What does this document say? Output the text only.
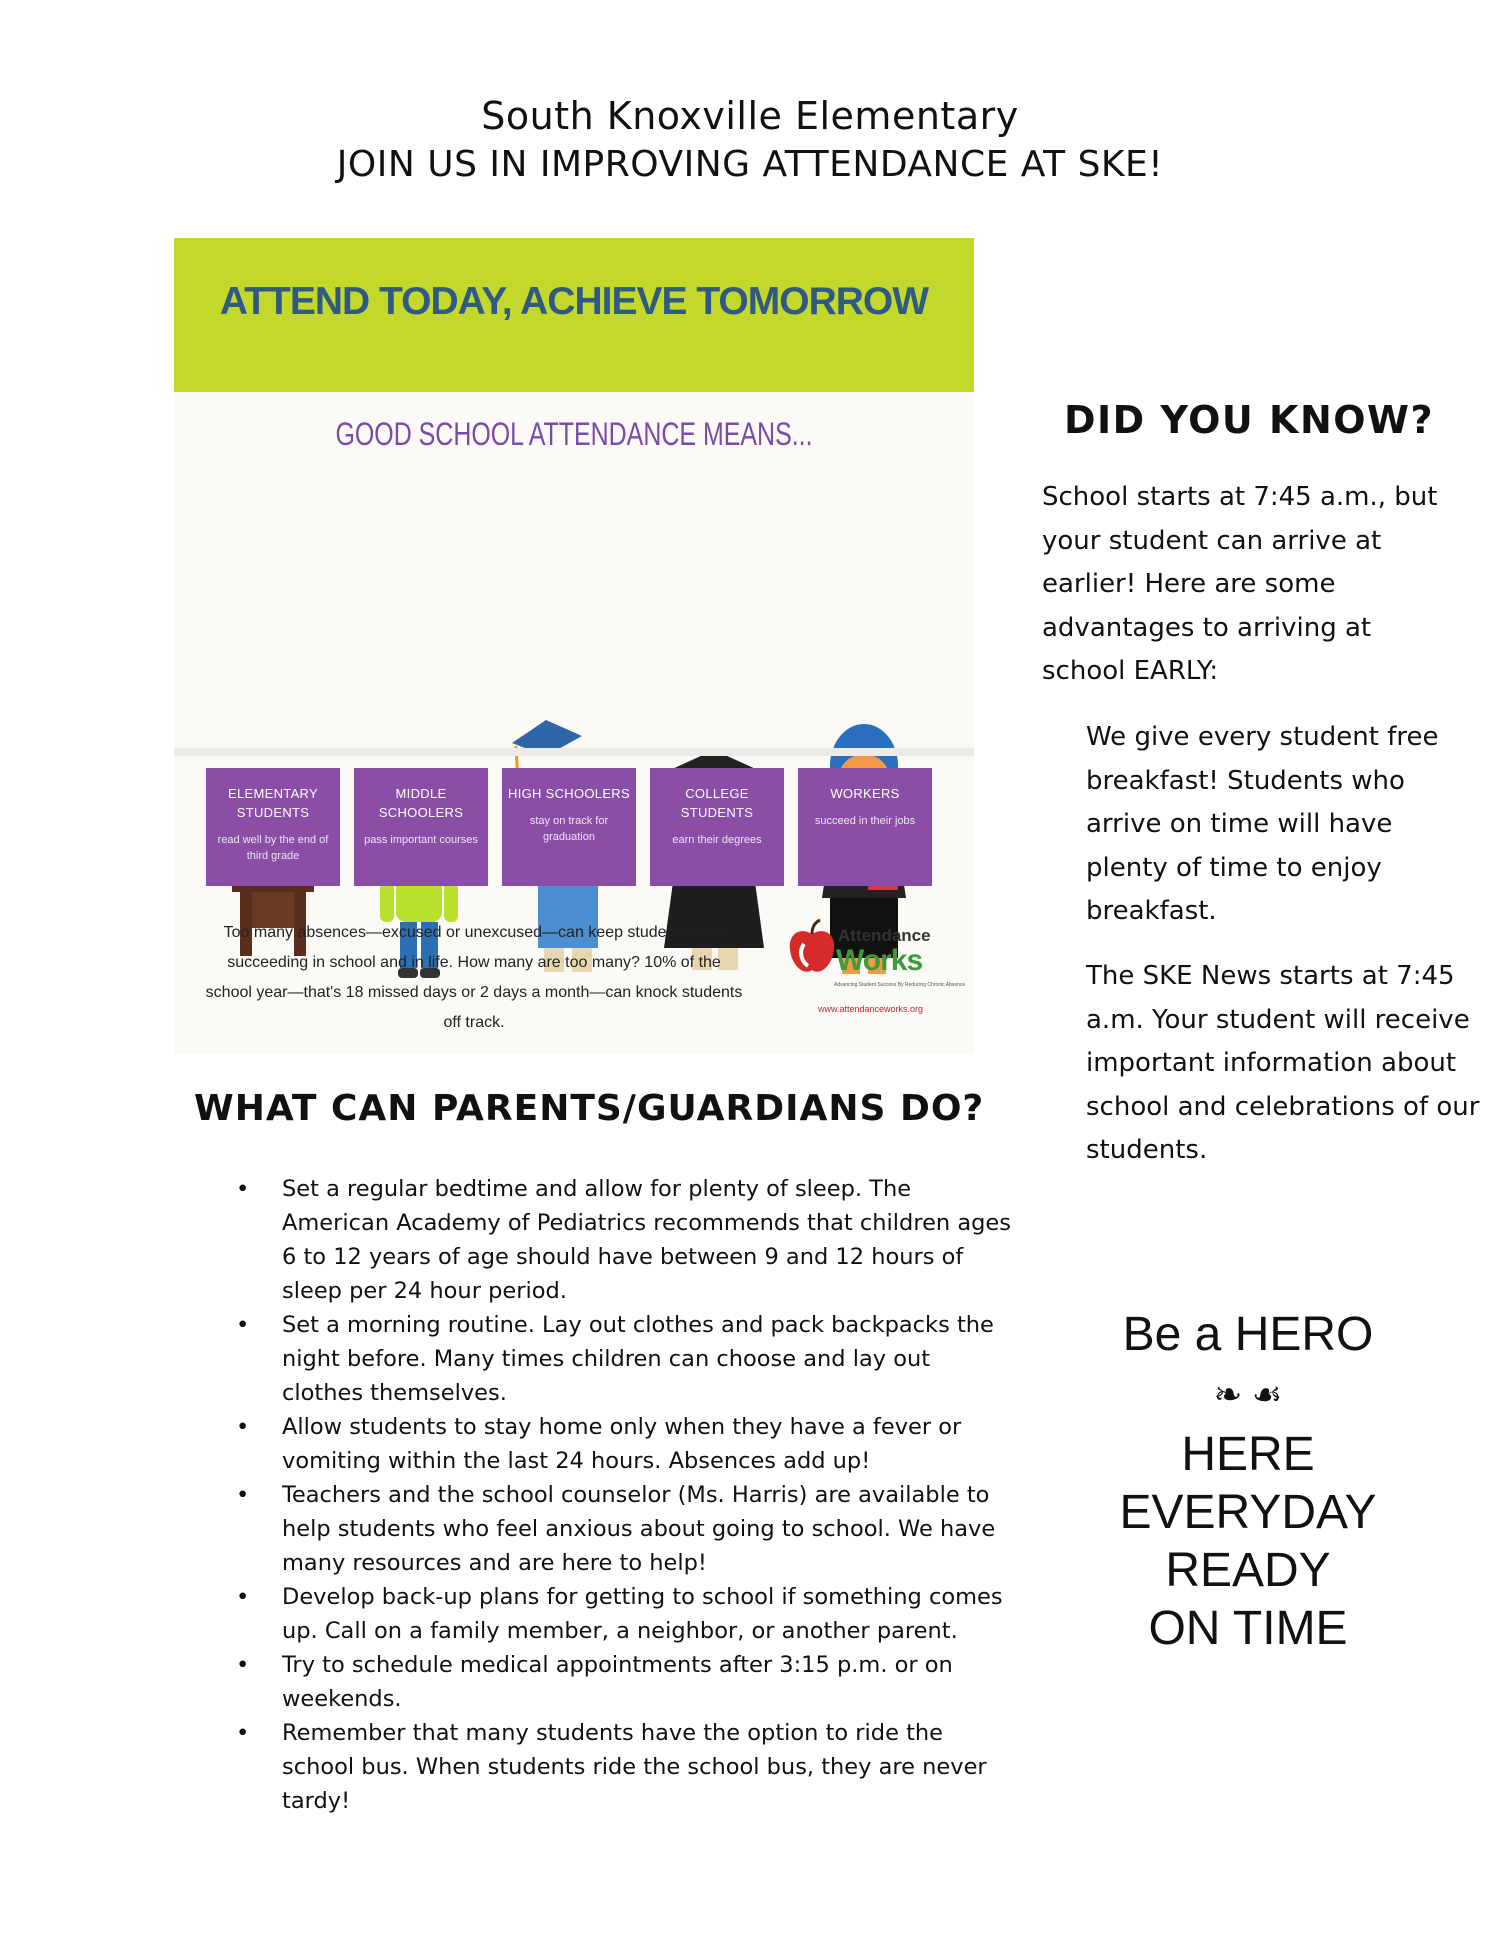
South Knoxville Elementary
JOIN US IN IMPROVING ATTENDANCE AT SKE!
ATTEND TODAY, ACHIEVE TOMORROW
GOOD SCHOOL ATTENDANCE MEANS...
ELEMENTARY STUDENTS
read well by the end of third grade
MIDDLE SCHOOLERS
pass important courses
HIGH SCHOOLERS
stay on track for graduation
COLLEGE STUDENTS
earn their degrees
WORKERS
succeed in their jobs
Too many absences—excused or unexcused—can keep students from succeeding in school and in life. How many are too many? 10% of the school year—that's 18 missed days or 2 days a month—can knock students off track.
Attendance
Works
Advancing Student Success By Reducing Chronic Absence
www.attendanceworks.org
DID YOU KNOW?
School starts at 7:45 a.m., but your student can arrive at earlier! Here are some advantages to arriving at school EARLY:
We give every student free breakfast! Students who arrive on time will have plenty of time to enjoy breakfast.
The SKE News starts at 7:45 a.m. Your student will receive important information about school and celebrations of our students.
Be a HERO
❧ ☙
HERE
EVERYDAY
READY
ON TIME
WHAT CAN PARENTS/GUARDIANS DO?
• Set a regular bedtime and allow for plenty of sleep. The American Academy of Pediatrics recommends that children ages 6 to 12 years of age should have between 9 and 12 hours of sleep per 24 hour period.
• Set a morning routine. Lay out clothes and pack backpacks the night before. Many times children can choose and lay out clothes themselves.
• Allow students to stay home only when they have a fever or vomiting within the last 24 hours. Absences add up!
• Teachers and the school counselor (Ms. Harris) are available to help students who feel anxious about going to school. We have many resources and are here to help!
• Develop back-up plans for getting to school if something comes up. Call on a family member, a neighbor, or another parent.
• Try to schedule medical appointments after 3:15 p.m. or on weekends.
• Remember that many students have the option to ride the school bus. When students ride the school bus, they are never tardy!
